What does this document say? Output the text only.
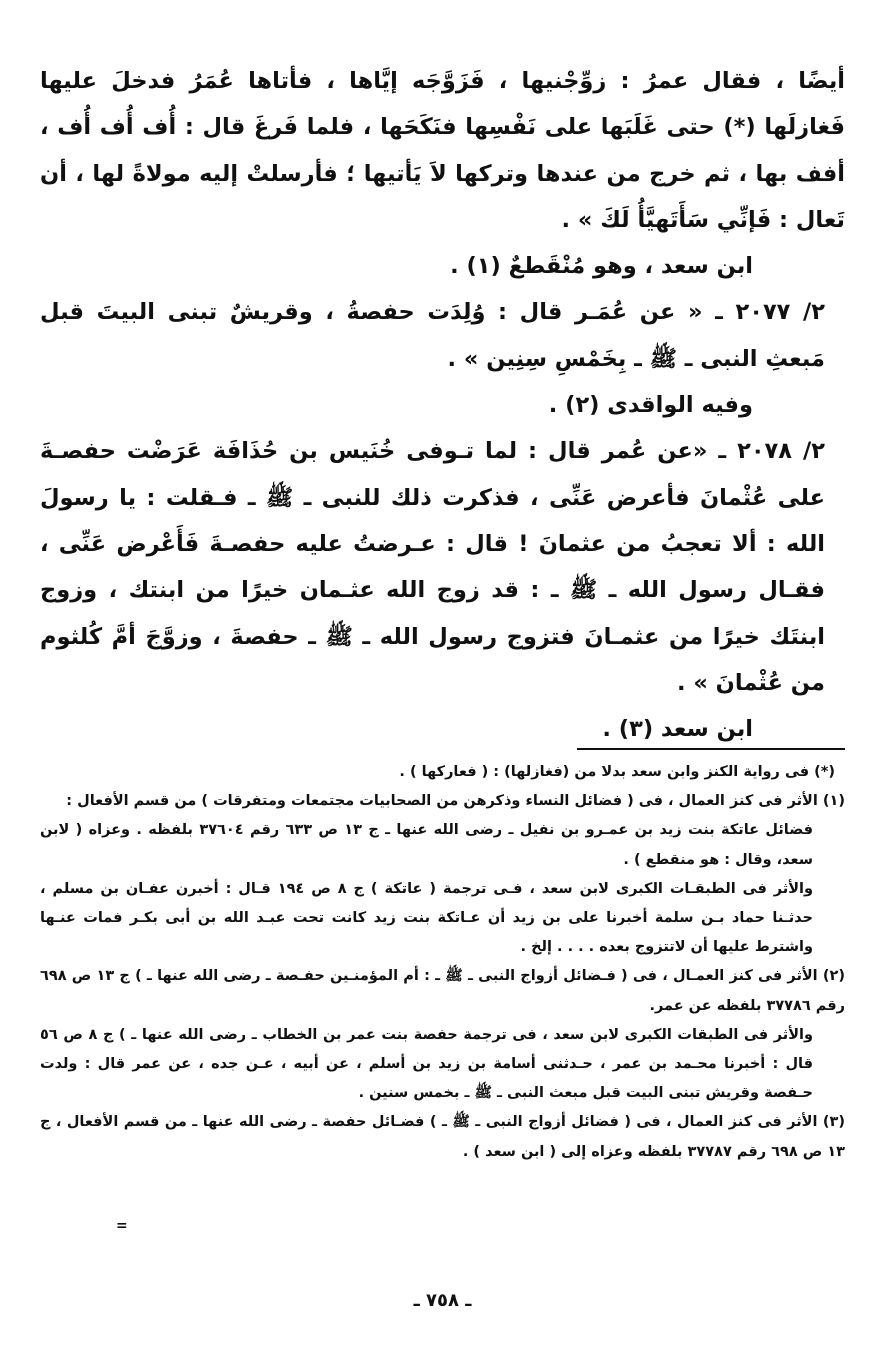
أيضًا ، فقال عمرُ : زوِّجْنيها ، فَزَوَّجَه إيَّاها ، فأتاها عُمَرُ فدخلَ عليها فَغازلَها (*) حتى غَلَبَها على نَفْسِها فنَكَحَها ، فلما فَرغَ قال : أُف أُف أُف ، أفف بها ، ثم خرج من عندها وتركها لاَ يَأتيها ؛ فأرسلتْ إليه مولاةً لها ، أن تَعال : فَإنِّي سَأَتَهيَّأُ لَكَ » .

ابن سعد ، وهو مُنْقَطعٌ (١) .

٢/ ٢٠٧٧ ـ « عن عُمَـر قال : وُلِدَت حفصةُ ، وقريشٌ تبنى البيتَ قبل مَبعثِ النبى ـ ﷺ ـ بِخَمْسِ سِنِين » .

وفيه الواقدى (٢) .

٢/ ٢٠٧٨ ـ «عن عُمر قال : لما تـوفى خُنَيس بن حُذَافَة عَرَضْت حفصـةَ على عُثْمانَ فأعرض عَنِّى ، فذكرت ذلك للنبى ـ ﷺ ـ فـقلت : يا رسولَ الله : ألا تعجبُ من عثمانَ ! قال : عـرضتُ عليه حفصـةَ فَأَعْرض عَنِّى ، فقـال رسول الله ـ ﷺ ـ : قد زوج الله عثـمان خيرًا من ابنتك ، وزوج ابنتَك خيرًا من عثمـانَ فتزوج رسول الله ـ ﷺ ـ حفصةَ ، وزوَّجَ أمَّ كُلثوم من عُثْمانَ » .

ابن سعد (٣) .

(*) فى رواية الكنز وابن سعد بدلا من (فغازلها) : ( فعاركها ) .

(١) الأثر فى كنز العمال ، فى ( فضائل النساء وذكرهن من الصحابيات مجتمعات ومتفرقات ) من قسم الأفعال :

فضائل عاتكة بنت زيد بن عمـرو بن نفيل ـ رضى الله عنها ـ ج ١٣ ص ٦٣٣ رقم ٣٧٦٠٤ بلفظه . وعزاه ( لابن سعد، وقال : هو منقطع ) .

والأثر فى الطبقـات الكبرى لابن سعد ، فـى ترجمة ( عاتكة ) ج ٨ ص ١٩٤ قـال : أخبرن عفـان بن مسلم ، حدثـنا حماد بـن سلمة أخبرنا على بن زيد أن عـاتكة بنت زيد كانت تحت عبـد الله بن أبى بكـر فمات عنـها واشترط عليها أن لاتتزوج بعده . . . . إلخ .

(٢) الأثر فى كنز العمـال ، فى ( فـضائل أزواج النبى ـ ﷺ ـ : أم المؤمنـين حفـصة ـ رضى الله عنها ـ ) ج ١٣ ص ٦٩٨ رقم ٣٧٧٨٦ بلفظه عن عمر.

والأثر فى الطبقات الكبرى لابن سعد ، فى ترجمة حفصة بنت عمر بن الخطاب ـ رضى الله عنها ـ ) ج ٨ ص ٥٦ قال : أخبرنا محـمد بن عمر ، حـدثنى أسامة بن زيد بن أسلم ، عن أبيه ، عـن جده ، عن عمر قال : ولدت حـفصة وقريش تبنى البيت قبل مبعث النبى ـ ﷺ ـ بخمس سنين .

(٣) الأثر فى كنز العمال ، فى ( فضائل أزواج النبى ـ ﷺ ـ ) فضـائل حفصة ـ رضى الله عنها ـ من قسم الأفعال ، ج ١٣ ص ٦٩٨ رقم ٣٧٧٨٧ بلفظه وعزاه إلى ( ابن سعد ) .

=
ـ ٧٥٨ ـ
